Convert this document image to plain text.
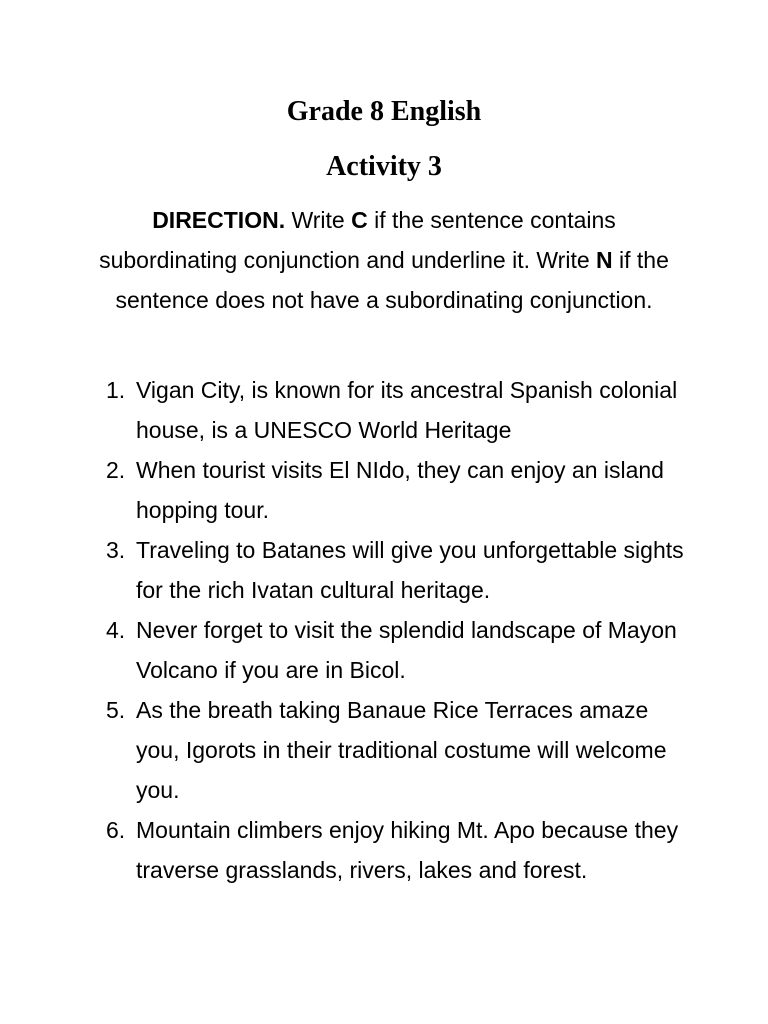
Grade 8 English
Activity 3
DIRECTION. Write C if the sentence contains subordinating conjunction and underline it. Write N if the sentence does not have a subordinating conjunction.
1. Vigan City, is known for its ancestral Spanish colonial house, is a UNESCO World Heritage
2. When tourist visits El NIdo, they can enjoy an island hopping tour.
3. Traveling to Batanes will give you unforgettable sights for the rich Ivatan cultural heritage.
4. Never forget to visit the splendid landscape of Mayon Volcano if you are in Bicol.
5. As the breath taking Banaue Rice Terraces amaze you, Igorots in their traditional costume will welcome you.
6. Mountain climbers enjoy hiking Mt. Apo because they traverse grasslands, rivers, lakes and forest.
